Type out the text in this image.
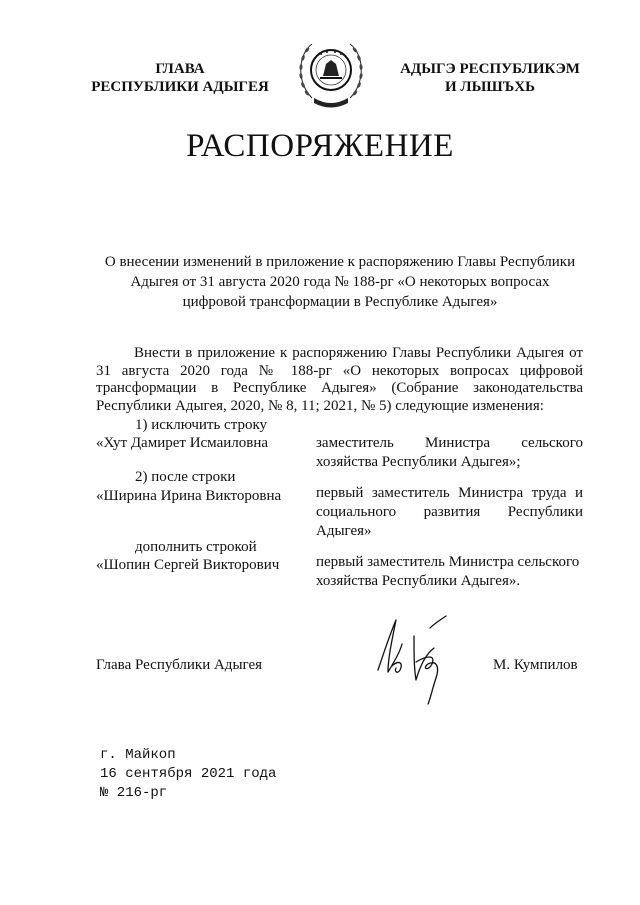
ГЛАВА
РЕСПУБЛИКИ АДЫГЕЯ
АДЫГЭ РЕСПУБЛИКЭМ
И ЛЫШЪХЬ
РАСПОРЯЖЕНИЕ
О внесении изменений в приложение к распоряжению Главы Республики
Адыгея от 31 августа 2020 года № 188-рг «О некоторых вопросах
цифровой трансформации в Республике Адыгея»
Внести в приложение к распоряжению Главы Республики Адыгея от
31 августа 2020 года № 188-рг «О некоторых вопросах цифровой
трансформации в Республике Адыгея» (Собрание законодательства
Республики Адыгея, 2020, № 8, 11; 2021, № 5) следующие изменения:
1) исключить строку
«Хут Дамирет Исмаиловна	заместитель Министра сельского
хозяйства Республики Адыгея»;
2) после строки
«Ширина Ирина Викторовна первый заместитель Министра труда и
социального развития Республики
Адыгея»
дополнить строкой
«Шопин Сергей Викторович первый заместитель Министра сельского
хозяйства Республики Адыгея».
Глава Республики Адыгея	М. Кумпилов
г. Майкоп
16 сентября 2021 года
№ 216-рг
